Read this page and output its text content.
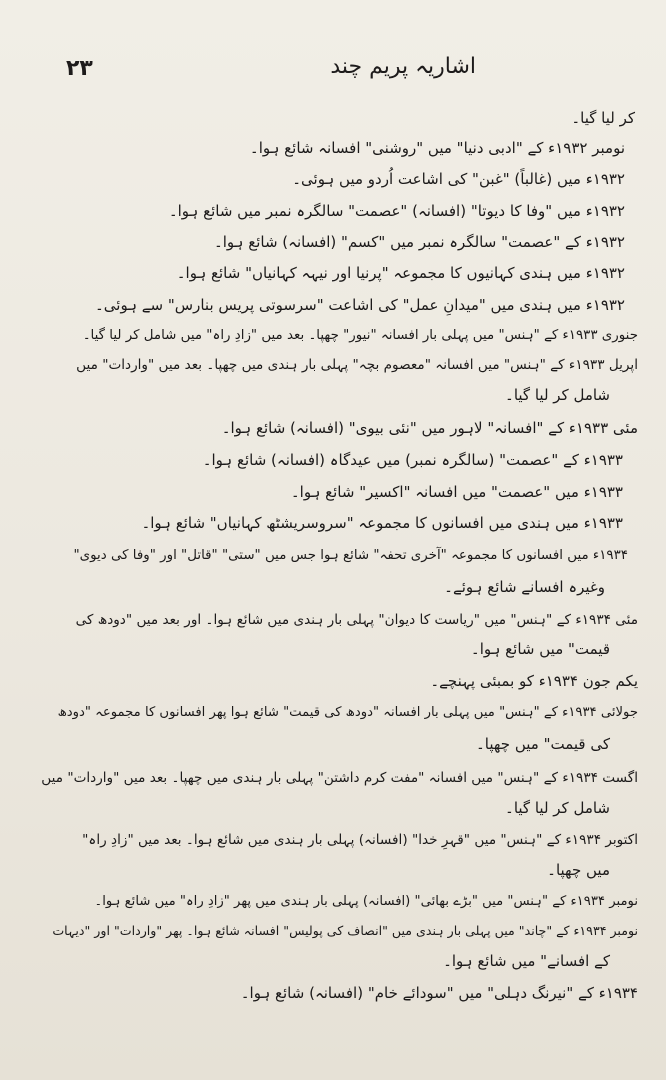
۲۳	اشاریہ پریم چند
کر لیا گیا۔
نومبر ۱۹۳۲ء کے "ادبی دنیا" میں "روشنی" افسانہ شائع ہوا۔
۱۹۳۲ء میں (غالباً) "غبن" کی اشاعت اُردو میں ہوئی۔
۱۹۳۲ء میں "وفا کا دیوتا" (افسانہ) "عصمت" سالگرہ نمبر میں شائع ہوا۔
۱۹۳۲ء کے "عصمت" سالگرہ نمبر میں "کسم" (افسانہ) شائع ہوا۔
۱۹۳۲ء میں ہندی کہانیوں کا مجموعہ "پرنیا اور نیہہ کہانیاں" شائع ہوا۔
۱۹۳۲ء میں ہندی میں "میدانِ عمل" کی اشاعت "سرسوتی پریس بنارس" سے ہوئی۔
جنوری ۱۹۳۳ء کے "ہنس" میں پہلی بار افسانہ "نیور" چھپا۔ بعد میں "زادِ راہ" میں شامل کر لیا گیا۔
اپریل ۱۹۳۳ء کے "ہنس" میں افسانہ "معصوم بچہ" پہلی بار ہندی میں چھپا۔ بعد میں "واردات" میں
شامل کر لیا گیا۔
مئی ۱۹۳۳ء کے "افسانہ" لاہور میں "نئی بیوی" (افسانہ) شائع ہوا۔
۱۹۳۳ء کے "عصمت" (سالگرہ نمبر) میں عیدگاہ (افسانہ) شائع ہوا۔
۱۹۳۳ء میں "عصمت" میں افسانہ "اکسیر" شائع ہوا۔
۱۹۳۳ء میں ہندی میں افسانوں کا مجموعہ "سروسریشٹھ کہانیاں" شائع ہوا۔
۱۹۳۴ء میں افسانوں کا مجموعہ "آخری تحفہ" شائع ہوا جس میں "ستی" "قاتل" اور "وفا کی دیوی"
وغیرہ افسانے شائع ہوئے۔
مئی ۱۹۳۴ء کے "ہنس" میں "ریاست کا دیوان" پہلی بار ہندی میں شائع ہوا۔ اور بعد میں "دودھ کی
قیمت" میں شائع ہوا۔
یکم جون ۱۹۳۴ء کو بمبئی پہنچے۔
جولائی ۱۹۳۴ء کے "ہنس" میں پہلی بار افسانہ "دودھ کی قیمت" شائع ہوا پھر افسانوں کا مجموعہ "دودھ
کی قیمت" میں چھپا۔
اگست ۱۹۳۴ء کے "ہنس" میں افسانہ "مفت کرم داشتن" پہلی بار ہندی میں چھپا۔ بعد میں "واردات" میں
شامل کر لیا گیا۔
اکتوبر ۱۹۳۴ء کے "ہنس" میں "قہرِ خدا" (افسانہ) پہلی بار ہندی میں شائع ہوا۔ بعد میں "زادِ راہ"
میں چھپا۔
نومبر ۱۹۳۴ء کے "ہنس" میں "بڑے بھائی" (افسانہ) پہلی بار ہندی میں پھر "زادِ راہ" میں شائع ہوا۔
نومبر ۱۹۳۴ء کے "چاند" میں پہلی بار ہندی میں "انصاف کی پولیس" افسانہ شائع ہوا۔ پھر "واردات" اور "دیہات
کے افسانے" میں شائع ہوا۔
۱۹۳۴ء کے "نیرنگ دہلی" میں "سودائے خام" (افسانہ) شائع ہوا۔
